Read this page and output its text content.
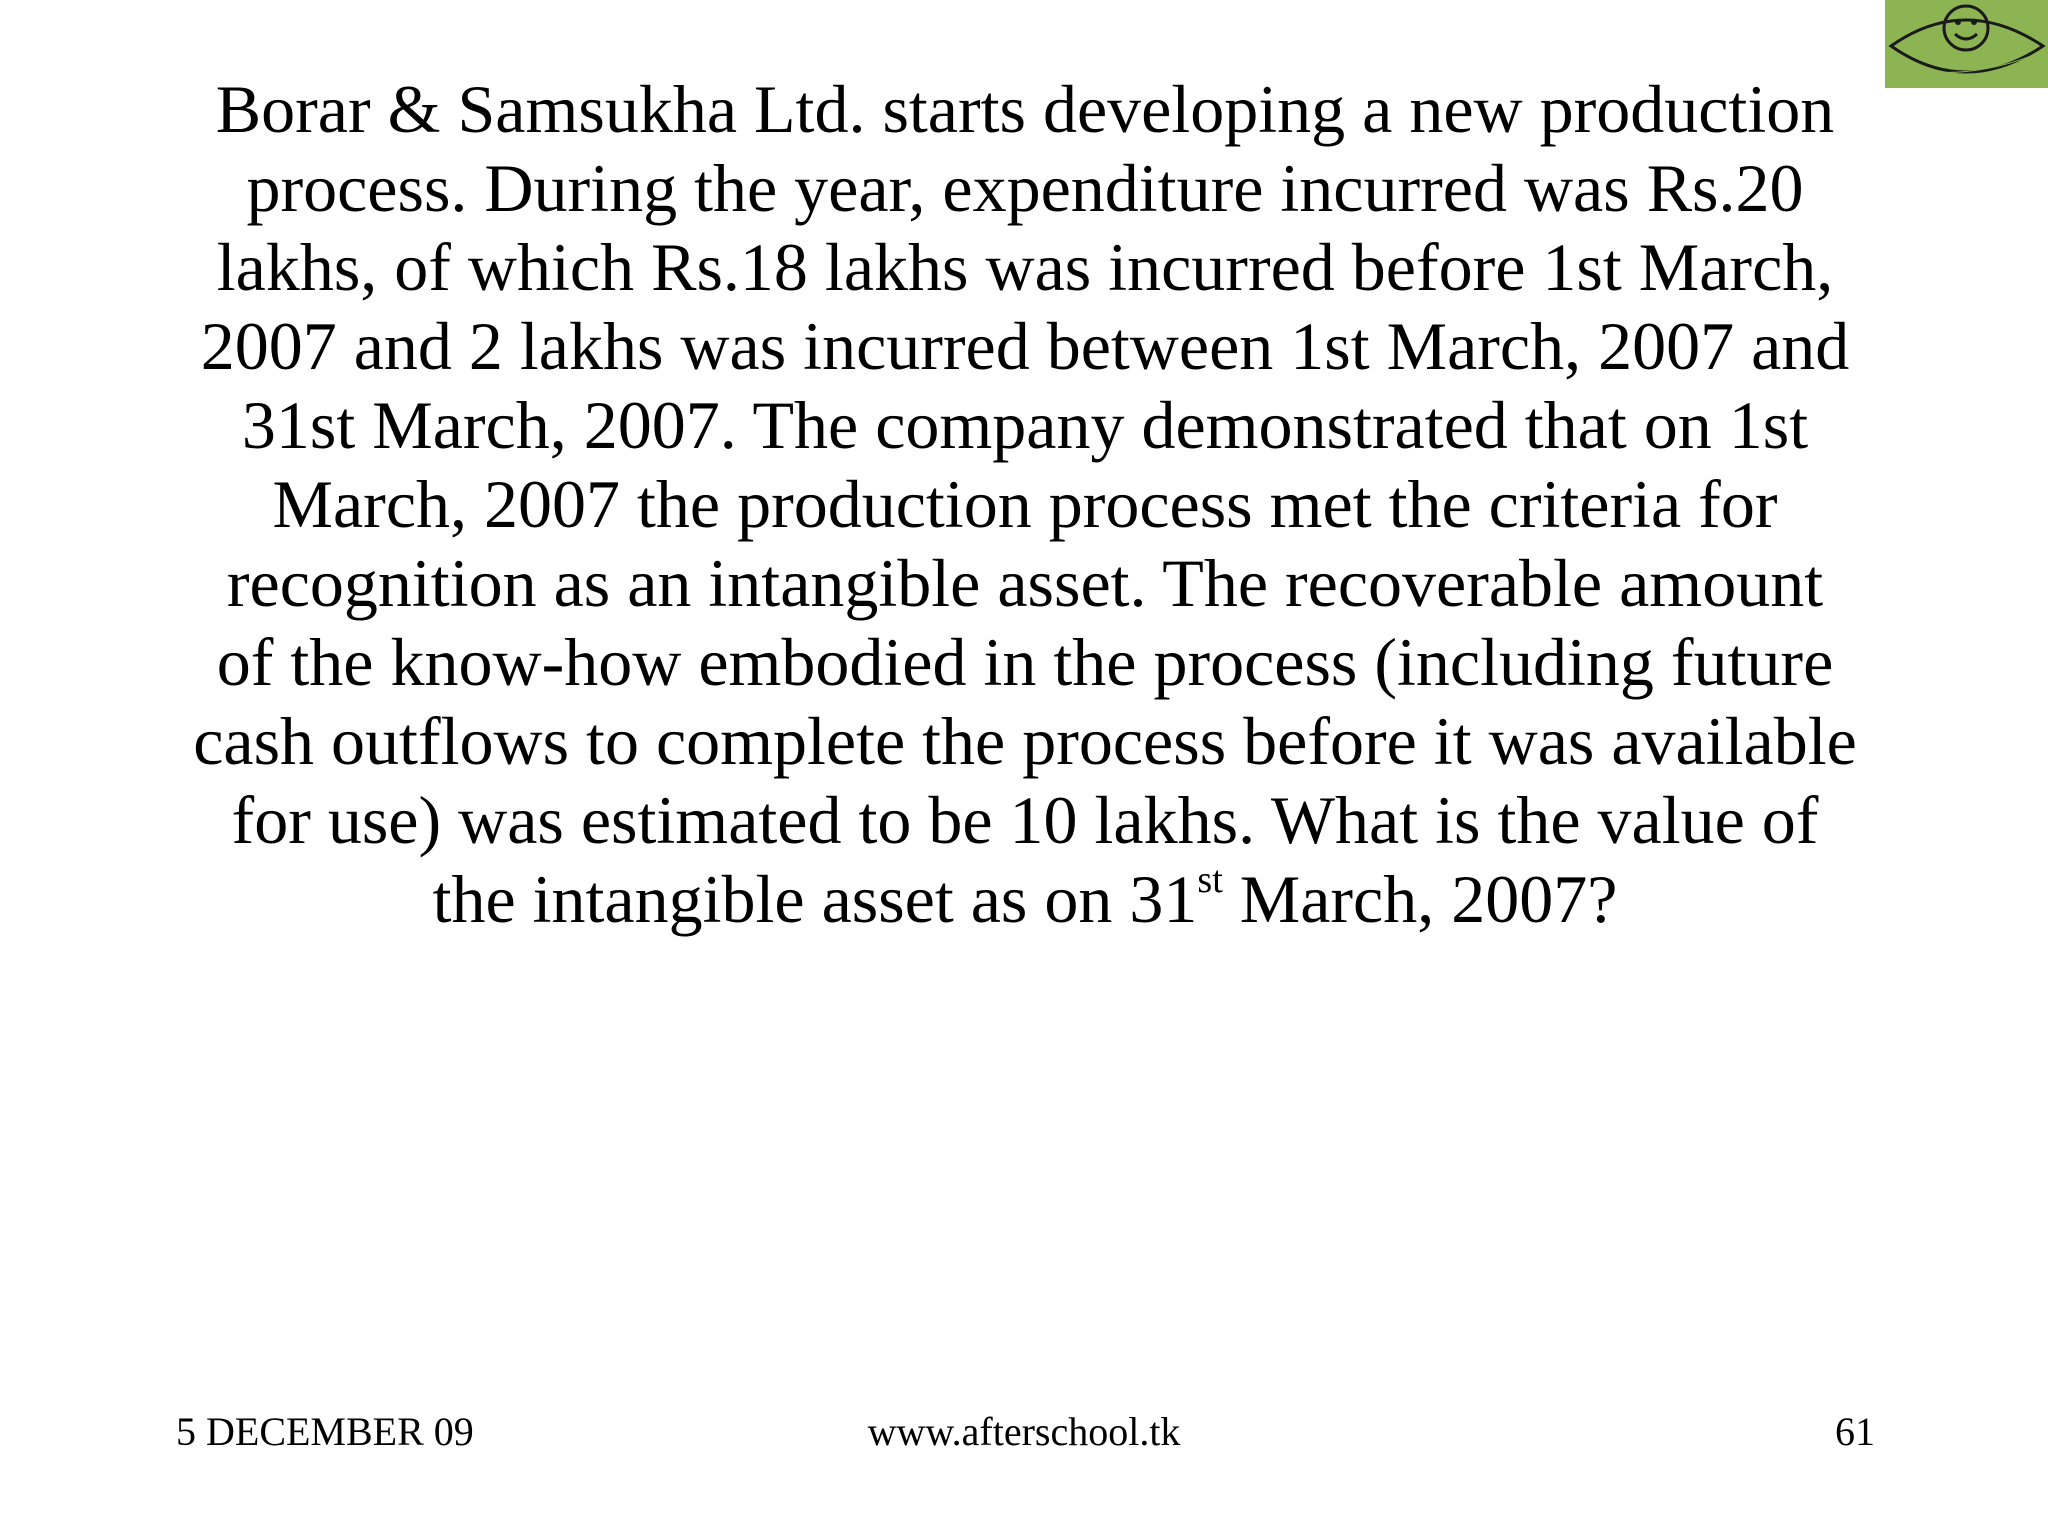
Borar & Samsukha Ltd. starts developing a new production
process. During the year, expenditure incurred was Rs.20
lakhs, of which Rs.18 lakhs was incurred before 1st March,
2007 and 2 lakhs was incurred between 1st March, 2007 and
31st March, 2007. The company demonstrated that on 1st
March, 2007 the production process met the criteria for
recognition as an intangible asset. The recoverable amount
of the know-how embodied in the process (including future
cash outflows to complete the process before it was available
for use) was estimated to be 10 lakhs. What is the value of
the intangible asset as on 31st March, 2007?
5 DECEMBER 09	www.afterschool.tk	61
